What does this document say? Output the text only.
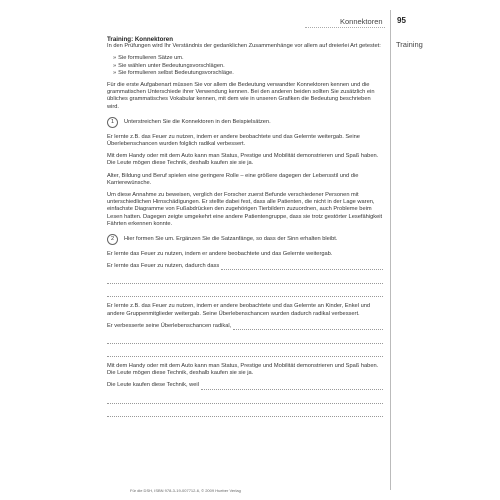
Konnektoren 95
Training
Training: Konnektoren

In den Prüfungen wird Ihr Verständnis der gedanklichen Zusammenhänge vor allem auf dreierlei Art getestet:

» Sie formulieren Sätze um.
» Sie wählen unter Bedeutungsvorschlägen.
» Sie formulieren selbst Bedeutungsvorschläge.

Für die erste Aufgabenart müssen Sie vor allem die Bedeutung verwandter Konnektoren kennen und die grammatischen Unterschiede ihrer Verwendung kennen. Bei den anderen beiden sollten Sie zusätzlich ein übliches grammatisches Vokabular kennen, mit dem wie in unseren Grafiken die Bedeutung beschrieben wird.

1	Unterstreichen Sie die Konnektoren in den Beispielsätzen.

Er lernte z.B. das Feuer zu nutzen, indem er andere beobachtete und das Gelernte weitergab. Seine Überlebenschancen wurden folglich radikal verbessert.

Mit dem Handy oder mit dem Auto kann man Status, Prestige und Mobilität demonstrieren und Spaß haben. Die Leute mögen diese Technik, deshalb kaufen sie sie ja.

Alter, Bildung und Beruf spielen eine geringere Rolle – eine größere dagegen der Lebensstil und die Karrierewünsche.

Um diese Annahme zu beweisen, verglich der Forscher zuerst Befunde verschiedener Personen mit unterschiedlichen Hirnschädigungen. Er stellte dabei fest, dass alle Patienten, die nicht in der Lage waren, einfachste Diagramme von Fußabdrücken den zugehörigen Tierbildern zuzuordnen, auch Probleme beim Lesen hatten. Dagegen zeigte umgekehrt eine andere Patientengruppe, dass sie trotz gestörter Lesefähigkeit Fährten erkennen konnte.

2	Hier formen Sie um. Ergänzen Sie die Satzanfänge, so dass der Sinn erhalten bleibt.

Er lernte das Feuer zu nutzen, indem er andere beobachtete und das Gelernte weitergab.

Er lernte das Feuer zu nutzen, dadurch dass

Er lernte z.B. das Feuer zu nutzen, indem er andere beobachtete und das Gelernte an Kinder, Enkel und andere Gruppenmitglieder weitergab. Seine Überlebenschancen wurden dadurch radikal verbessert.

Er verbesserte seine Überlebenschancen radikal,

Mit dem Handy oder mit dem Auto kann man Status, Prestige und Mobilität demonstrieren und Spaß haben. Die Leute mögen diese Technik, deshalb kaufen sie sie ja.

Die Leute kaufen diese Technik, weil
Für die DSH, ISBN 978-3-19-007712-6, © 2009 Hueber Verlag
